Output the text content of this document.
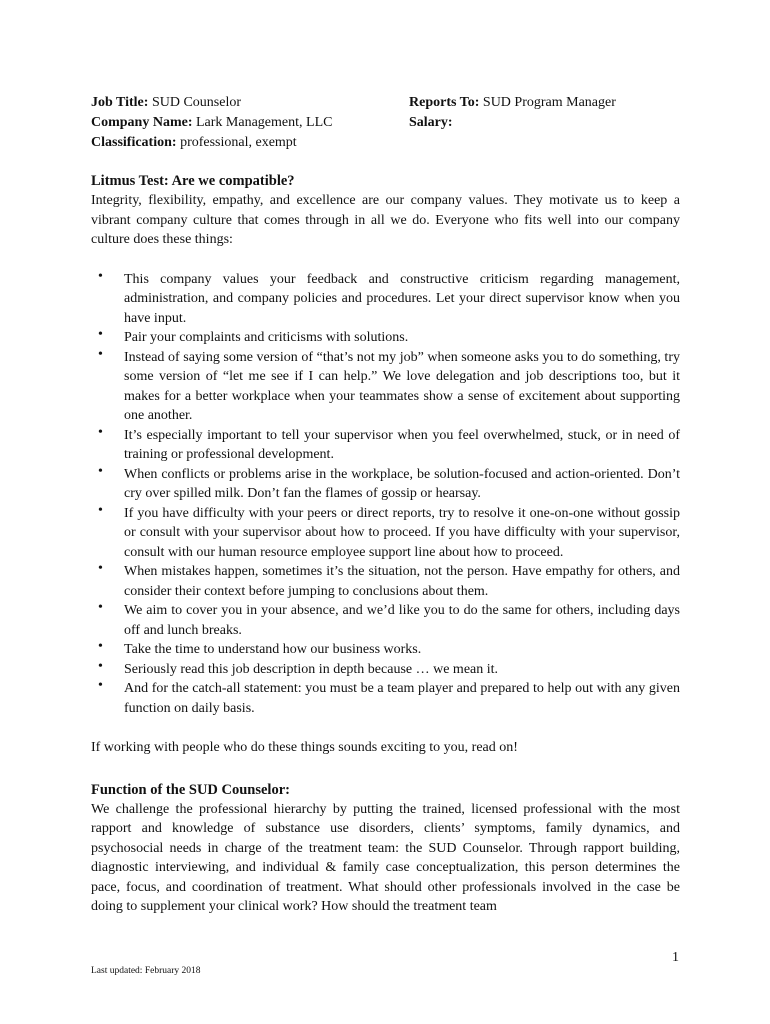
Job Title: SUD Counselor	Reports To: SUD Program Manager
Company Name: Lark Management, LLC	Salary:
Classification: professional, exempt
Litmus Test: Are we compatible?

Integrity, flexibility, empathy, and excellence are our company values. They motivate us to keep a vibrant company culture that comes through in all we do. Everyone who fits well into our company culture does these things:

• This company values your feedback and constructive criticism regarding management, administration, and company policies and procedures. Let your direct supervisor know when you have input.
• Pair your complaints and criticisms with solutions.
• Instead of saying some version of “that’s not my job” when someone asks you to do something, try some version of “let me see if I can help.” We love delegation and job descriptions too, but it makes for a better workplace when your teammates show a sense of excitement about supporting one another.
• It’s especially important to tell your supervisor when you feel overwhelmed, stuck, or in need of training or professional development.
• When conflicts or problems arise in the workplace, be solution-focused and action-oriented. Don’t cry over spilled milk. Don’t fan the flames of gossip or hearsay.
• If you have difficulty with your peers or direct reports, try to resolve it one-on-one without gossip or consult with your supervisor about how to proceed. If you have difficulty with your supervisor, consult with our human resource employee support line about how to proceed.
• When mistakes happen, sometimes it’s the situation, not the person. Have empathy for others, and consider their context before jumping to conclusions about them.
• We aim to cover you in your absence, and we’d like you to do the same for others, including days off and lunch breaks.
• Take the time to understand how our business works.
• Seriously read this job description in depth because … we mean it.
• And for the catch-all statement: you must be a team player and prepared to help out with any given function on daily basis.

If working with people who do these things sounds exciting to you, read on!

Function of the SUD Counselor:

We challenge the professional hierarchy by putting the trained, licensed professional with the most rapport and knowledge of substance use disorders, clients’ symptoms, family dynamics, and psychosocial needs in charge of the treatment team: the SUD Counselor. Through rapport building, diagnostic interviewing, and individual & family case conceptualization, this person determines the pace, focus, and coordination of treatment. What should other professionals involved in the case be doing to supplement your clinical work? How should the treatment team

1
Last updated: February 2018
